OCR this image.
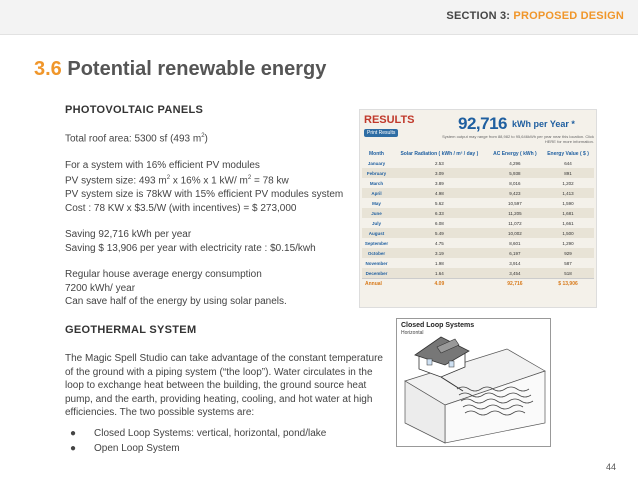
SECTION 3: PROPOSED DESIGN
3.6 Potential renewable energy
PHOTOVOLTAIC PANELS

Total roof area: 5300 sf (493 $m^2$)

For a system with 16% efficient PV modules

PV system size: 493 $m^2$ x 16% x 1 kW/ $m^2 = 78$ kw

PV system size is 78kW with 15% efficient PV modules system

Cost : 78 KW x $3.5/W (with incentives) = $ 273,000

Saving 92,716 kWh per year

Saving $ 13,906 per year with electricity rate : $0.15/kwh

Regular house average energy consumption

7200 kWh/ year

Can save half of the energy by using solar panels.

RESULTS
Print Results	92,716 kWh per Year *
System output may range from 88,982 to 95,646kWh per year near this location. Click HERE for more information.
Month	Solar Radiation ( kWh / m² / day )	AC Energy ( kWh )	Energy Value ( $ )
January	2.53	4,296	644
February	3.09	5,938	891
March	3.89	8,016	1,202
April	4.98	9,423	1,413
May	5.62	10,597	1,590
June	6.33	11,205	1,681
July	6.08	11,072	1,661
August	5.49	10,002	1,500
September	4.75	8,601	1,290
October	3.19	6,197	929
November	1.98	3,914	587
December	1.64	3,454	518
Annual	4.09	92,716	$ 13,906
GEOTHERMAL SYSTEM
The Magic Spell Studio can take advantage of the constant temperature of the ground with a piping system (“the loop”). Water circulates in the loop to exchange heat between the building, the ground source heat pump, and the earth, providing heating, cooling, and hot water at high efficiencies. The two possible systems are:
● Closed Loop Systems: vertical, horizontal, pond/lake
● Open Loop System
Closed Loop Systems
Horizontal
44
